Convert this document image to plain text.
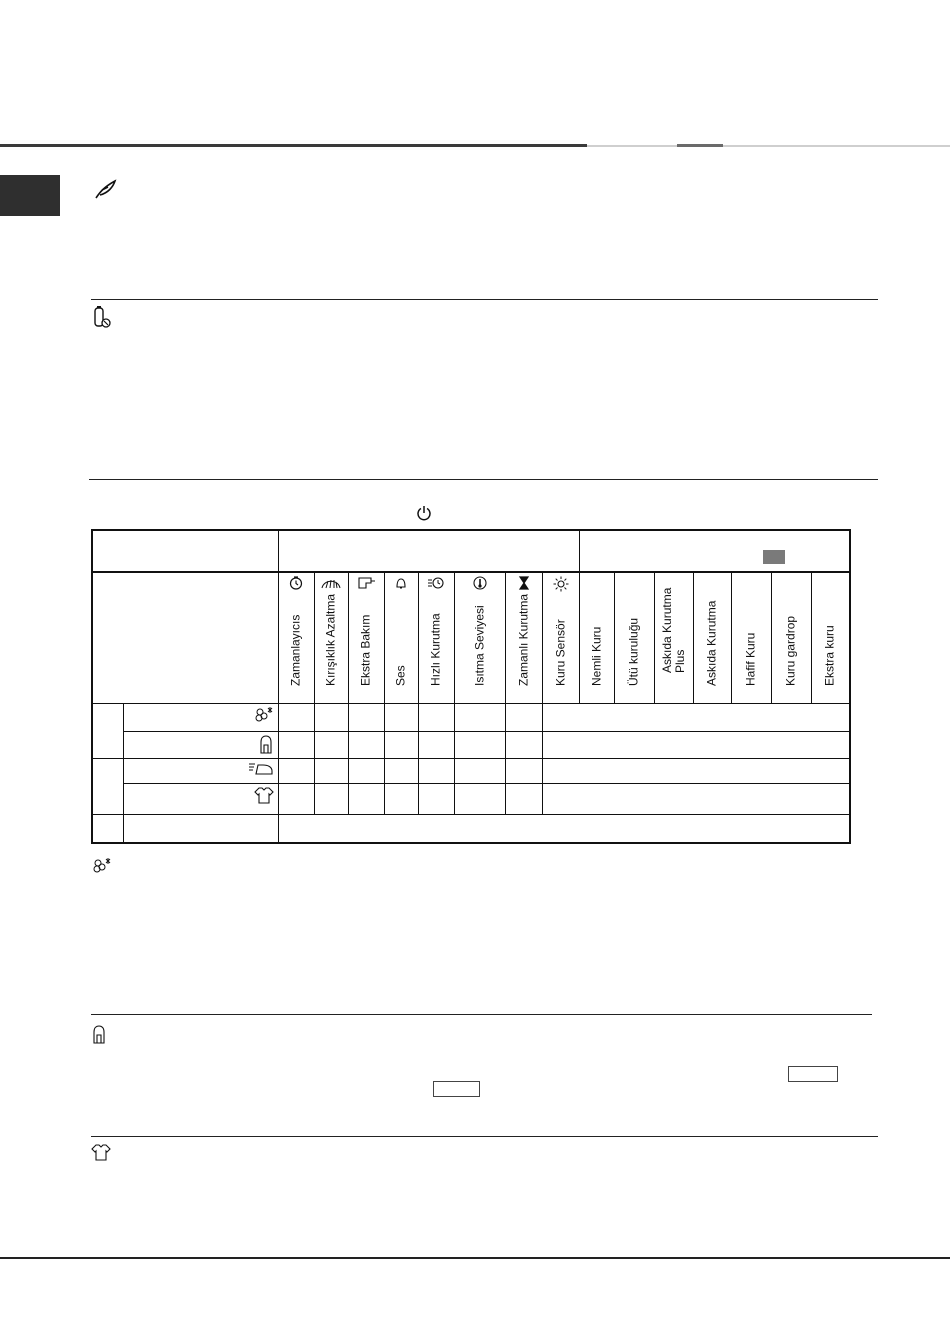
		Zamanlayıcıs	Kırışıklık Azaltma	Ekstra Bakım	Ses	Hızlı Kurutma	Isıtma Seviyesi	Zamanlı Kurutma	Kuru Sensör	Nemli Kuru	Ütü kuruluğu	Askıda Kurutma Plus	Askıda Kurutma	Hafif Kuru	Kuru gardrop	Ekstra kuru
